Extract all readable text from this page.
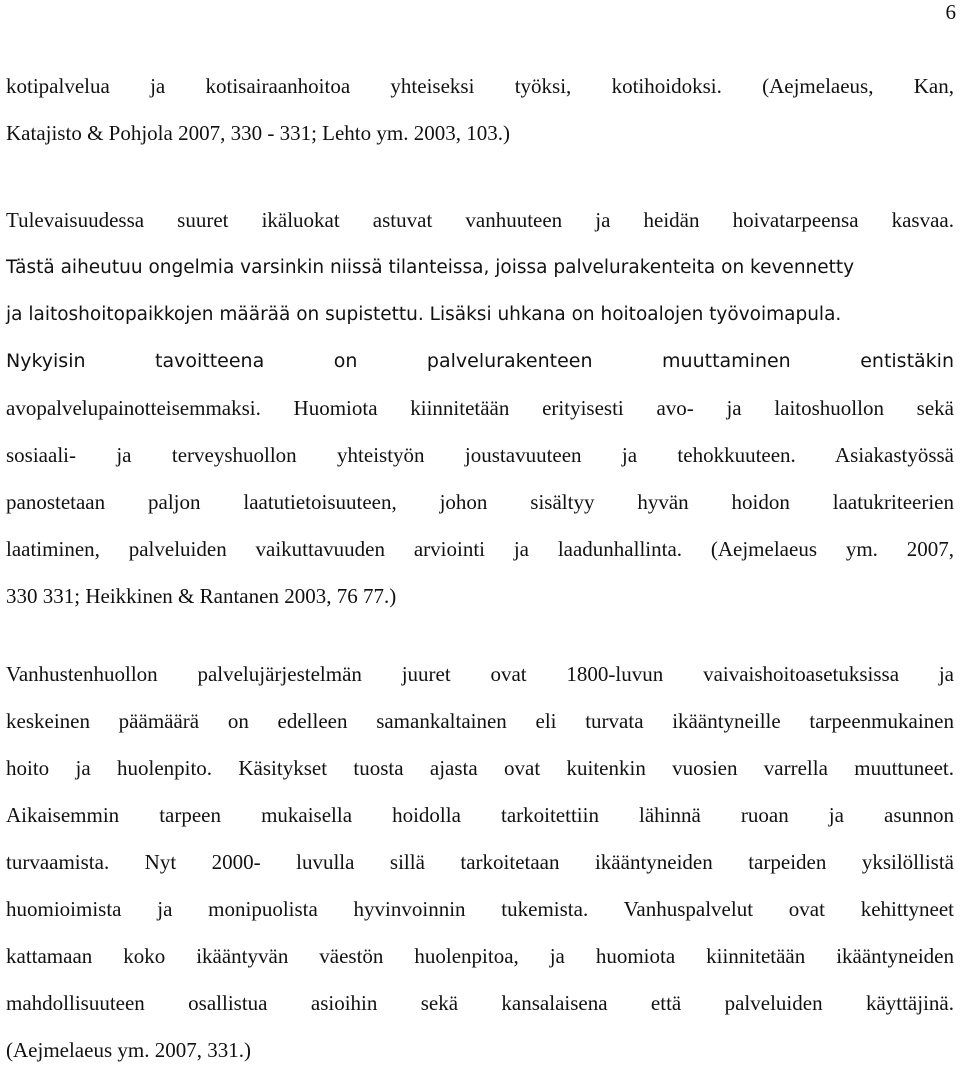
6
kotipalvelua ja kotisairaanhoitoa yhteiseksi työksi, kotihoidoksi. (Aejmelaeus, Kan,
Katajisto & Pohjola 2007, 330 - 331; Lehto ym. 2003, 103.)
Tulevaisuudessa suuret ikäluokat astuvat vanhuuteen ja heidän hoivatarpeensa kasvaa.
Tästä aiheutuu ongelmia varsinkin niissä tilanteissa, joissa palvelurakenteita on kevennetty
ja laitoshoitopaikkojen määrää on supistettu. Lisäksi uhkana on hoitoalojen työvoimapula.
Nykyisin tavoitteena on palvelurakenteen muuttaminen entistäkin
avopalvelupainotteisemmaksi. Huomiota kiinnitetään erityisesti avo- ja laitoshuollon sekä
sosiaali- ja terveyshuollon yhteistyön joustavuuteen ja tehokkuuteen. Asiakastyössä
panostetaan paljon laatutietoisuuteen, johon sisältyy hyvän hoidon laatukriteerien
laatiminen, palveluiden vaikuttavuuden arviointi ja laadunhallinta. (Aejmelaeus ym. 2007,
330 331; Heikkinen & Rantanen 2003, 76 77.)
Vanhustenhuollon palvelujärjestelmän juuret ovat 1800-luvun vaivaishoitoasetuksissa ja
keskeinen päämäärä on edelleen samankaltainen eli turvata ikääntyneille tarpeenmukainen
hoito ja huolenpito. Käsitykset tuosta ajasta ovat kuitenkin vuosien varrella muuttuneet.
Aikaisemmin tarpeen mukaisella hoidolla tarkoitettiin lähinnä ruoan ja asunnon
turvaamista. Nyt 2000- luvulla sillä tarkoitetaan ikääntyneiden tarpeiden yksilöllistä
huomioimista ja monipuolista hyvinvoinnin tukemista. Vanhuspalvelut ovat kehittyneet
kattamaan koko ikääntyvän väestön huolenpitoa, ja huomiota kiinnitetään ikääntyneiden
mahdollisuuteen osallistua asioihin sekä kansalaisena että palveluiden käyttäjinä.
(Aejmelaeus ym. 2007, 331.)
